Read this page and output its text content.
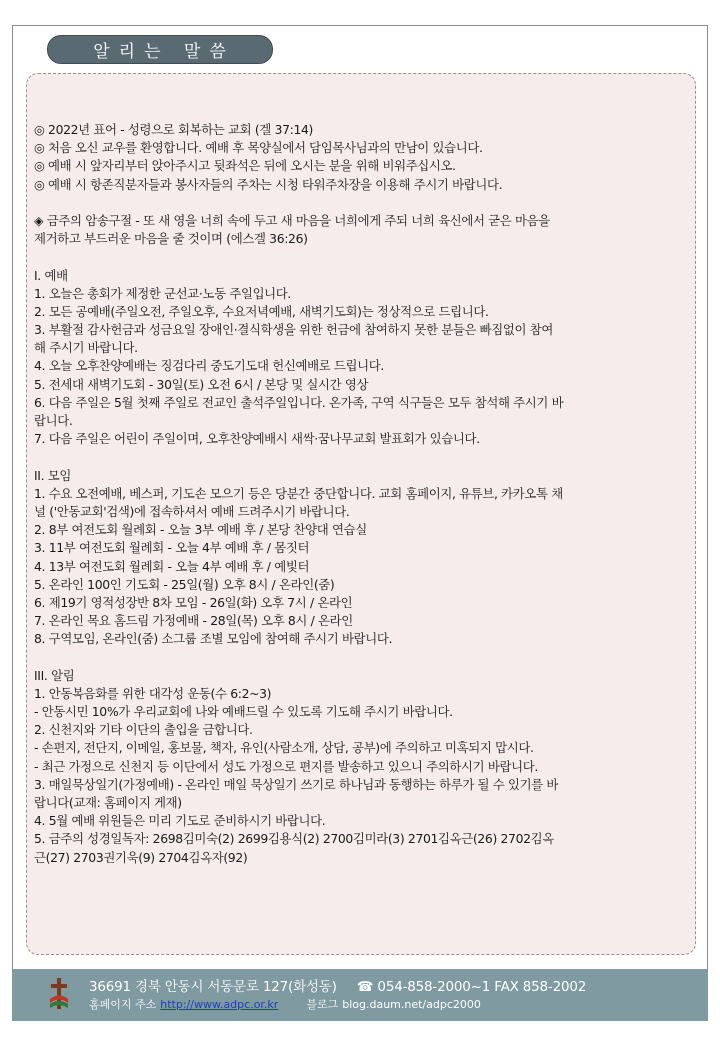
알리는 말씀
◎ 2022년 표어 - 성령으로 회복하는 교회 (겔 37:14)
◎ 처음 오신 교우를 환영합니다. 예배 후 목양실에서 담임목사님과의 만남이 있습니다.
◎ 예배 시 앞자리부터 앉아주시고 뒷좌석은 뒤에 오시는 분을 위해 비워주십시오.
◎ 예배 시 항존직분자들과 봉사자들의 주차는 시청 타워주차장을 이용해 주시기 바랍니다.
◈ 금주의 암송구절 - 또 새 영을 너희 속에 두고 새 마음을 너희에게 주되 너희 육신에서 굳은 마음을
제거하고 부드러운 마음을 줄 것이며 (에스겔 36:26)
I. 예배
1. 오늘은 총회가 제정한 군선교·노동 주일입니다.
2. 모든 공예배(주일오전, 주일오후, 수요저녁예배, 새벽기도회)는 정상적으로 드립니다.
3. 부활절 감사헌금과 성금요일 장애인·결식학생을 위한 헌금에 참여하지 못한 분들은 빠짐없이 참여
해 주시기 바랍니다.
4. 오늘 오후찬양예배는 징검다리 중도기도대 헌신예배로 드립니다.
5. 전세대 새벽기도회 - 30일(토) 오전 6시 / 본당 및 실시간 영상
6. 다음 주일은 5월 첫째 주일로 전교인 출석주일입니다. 온가족, 구역 식구들은 모두 참석해 주시기 바
랍니다.
7. 다음 주일은 어린이 주일이며, 오후찬양예배시 새싹·꿈나무교회 발표회가 있습니다.
II. 모임
1. 수요 오전예배, 베스퍼, 기도손 모으기 등은 당분간 중단합니다. 교회 홈페이지, 유튜브, 카카오톡 채
널 ('안동교회'검색)에 접속하셔서 예배 드려주시기 바랍니다.
2. 8부 여전도회 월례회 - 오늘 3부 예배 후 / 본당 찬양대 연습실
3. 11부 여전도회 월례회 - 오늘 4부 예배 후 / 몸짓터
4. 13부 여전도회 월례회 - 오늘 4부 예배 후 / 예빛터
5. 온라인 100인 기도회 - 25일(월) 오후 8시 / 온라인(줌)
6. 제19기 영적성장반 8차 모임 - 26일(화) 오후 7시 / 온라인
7. 온라인 목요 홈드림 가정예배 - 28일(목) 오후 8시 / 온라인
8. 구역모임, 온라인(줌) 소그룹 조별 모임에 참여해 주시기 바랍니다.
III. 알림
1. 안동복음화를 위한 대각성 운동(수 6:2~3)
- 안동시민 10%가 우리교회에 나와 예배드릴 수 있도록 기도해 주시기 바랍니다.
2. 신천지와 기타 이단의 출입을 금합니다.
- 손편지, 전단지, 이메일, 홍보물, 책자, 유인(사람소개, 상담, 공부)에 주의하고 미혹되지 맙시다.
- 최근 가정으로 신천지 등 이단에서 성도 가정으로 편지를 발송하고 있으니 주의하시기 바랍니다.
3. 매일묵상일기(가정예배) - 온라인 매일 묵상일기 쓰기로 하나님과 동행하는 하루가 될 수 있기를 바
랍니다(교재: 홈페이지 게재)
4. 5월 예배 위원들은 미리 기도로 준비하시기 바랍니다.
5. 금주의 성경일독자: 2698김미숙(2) 2699김용식(2) 2700김미라(3) 2701김옥근(26) 2702김옥
근(27) 2703권기욱(9) 2704김옥자(92)
36691 경북 안동시 서동문로 127(화성동) ☎ 054-858-2000~1 FAX 858-2002
홈페이지 주소 http://www.adpc.or.kr	블로그 blog.daum.net/adpc2000
